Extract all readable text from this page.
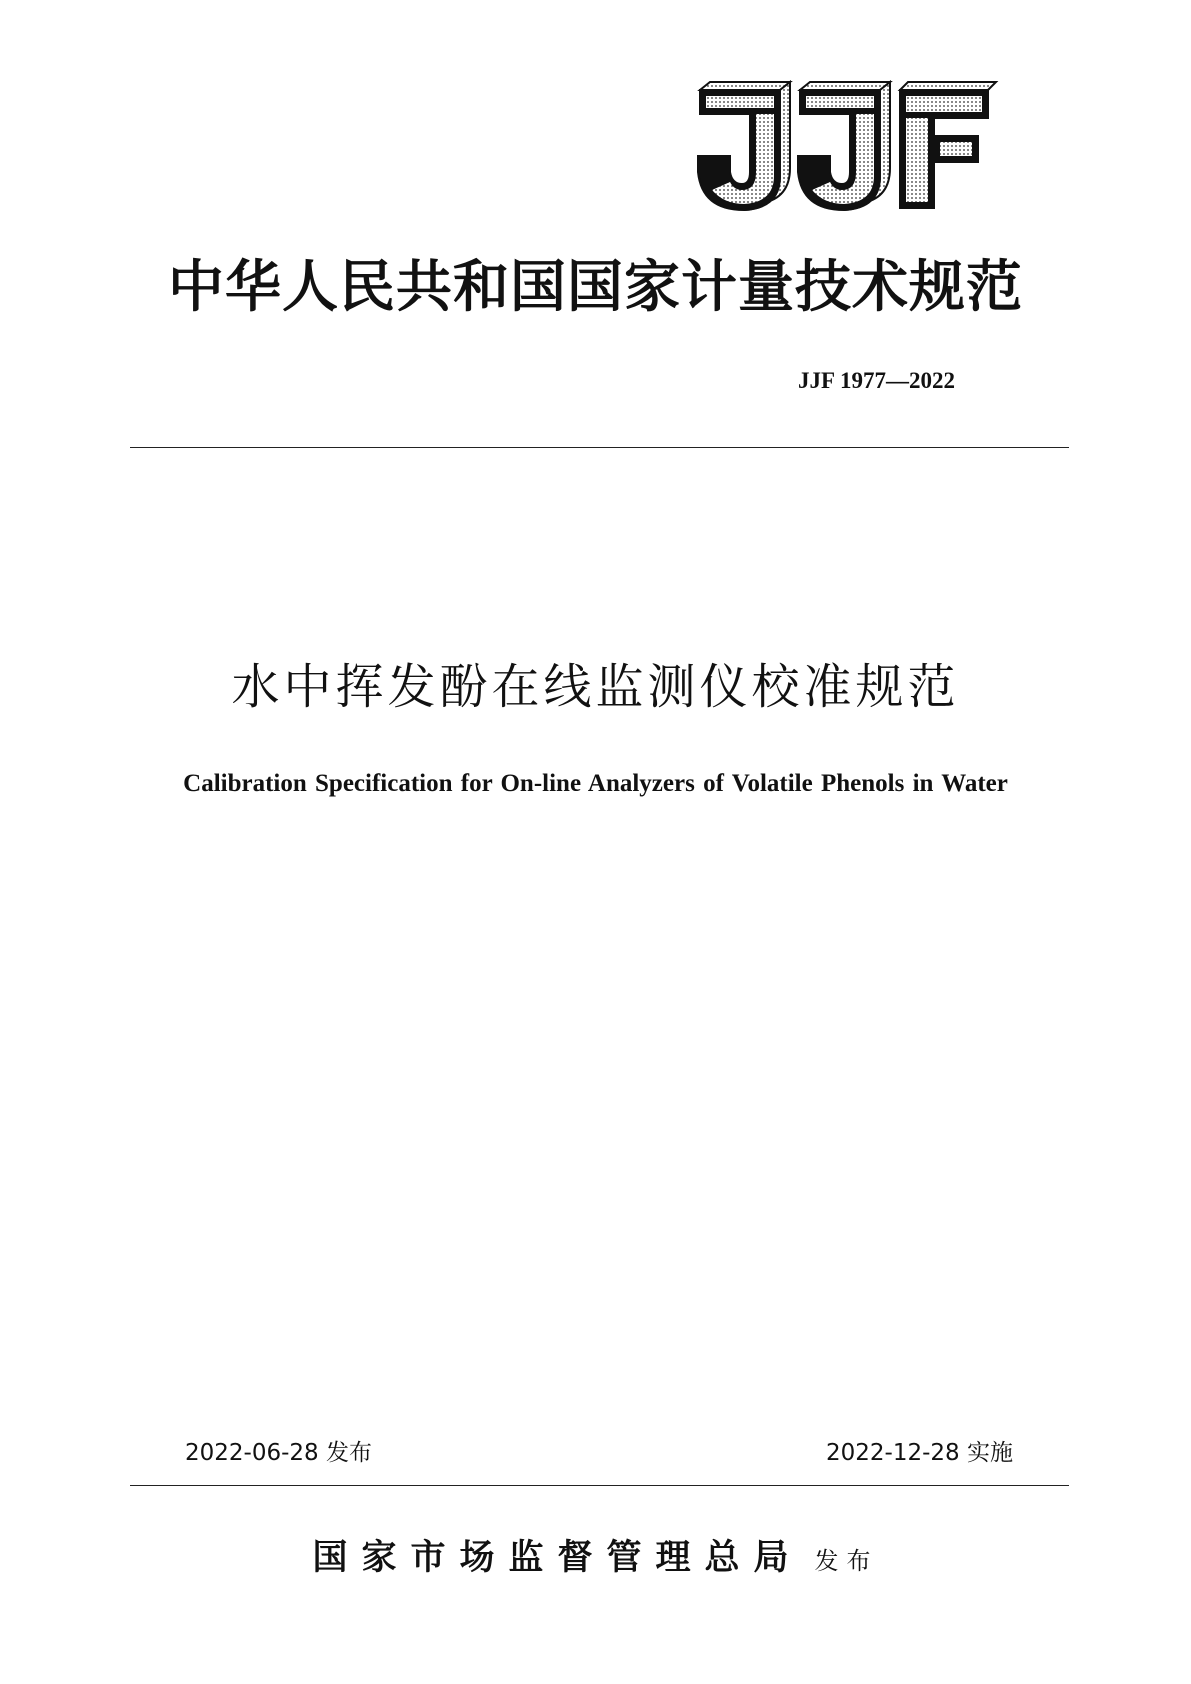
JJF
中华人民共和国国家计量技术规范
JJF 1977—2022
水中挥发酚在线监测仪校准规范
Calibration Specification for On-line Analyzers of Volatile Phenols in Water
2022-06-28 发布	2022-12-28 实施
国家市场监督管理总局 发布
